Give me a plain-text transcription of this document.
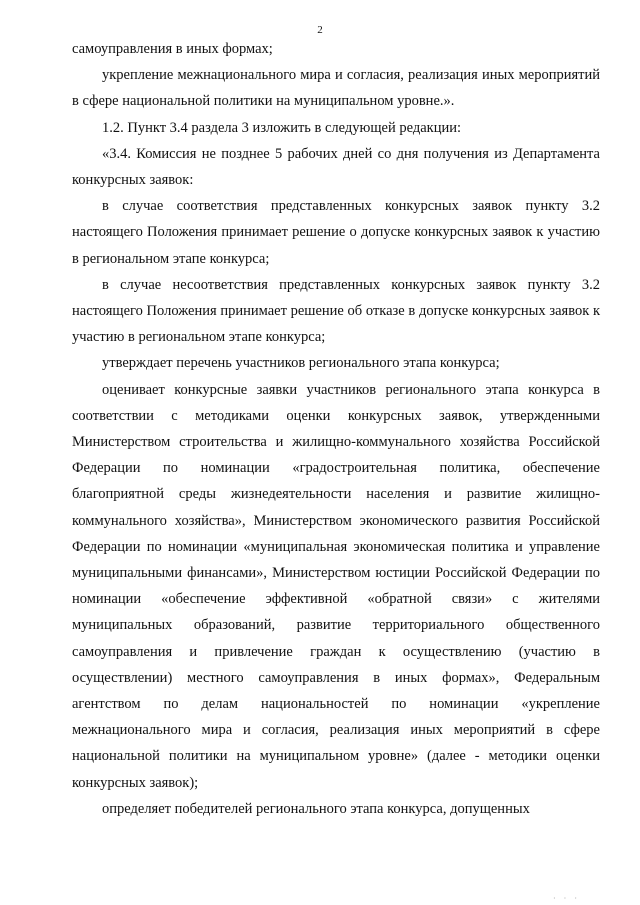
2

самоуправления в иных формах;

укрепление межнационального мира и согласия, реализация иных мероприятий в сфере национальной политики на муниципальном уровне.».

1.2. Пункт 3.4 раздела 3 изложить в следующей редакции:

«3.4. Комиссия не позднее 5 рабочих дней со дня получения из Департамента конкурсных заявок:

в случае соответствия представленных конкурсных заявок пункту 3.2 настоящего Положения принимает решение о допуске конкурсных заявок к участию в региональном этапе конкурса;

в случае несоответствия представленных конкурсных заявок пункту 3.2 настоящего Положения принимает решение об отказе в допуске конкурсных заявок к участию в региональном этапе конкурса;

утверждает перечень участников регионального этапа конкурса;

оценивает конкурсные заявки участников регионального этапа конкурса в соответствии с методиками оценки конкурсных заявок, утвержденными Министерством строительства и жилищно-коммунального хозяйства Российской Федерации по номинации «градостроительная политика, обеспечение благоприятной среды жизнедеятельности населения и развитие жилищно-коммунального хозяйства», Министерством экономического развития Российской Федерации по номинации «муниципальная экономическая политика и управление муниципальными финансами», Министерством юстиции Российской Федерации по номинации «обеспечение эффективной «обратной связи» с жителями муниципальных образований, развитие территориального общественного самоуправления и привлечение граждан к осуществлению (участию в осуществлении) местного самоуправления в иных формах», Федеральным агентством по делам национальностей по номинации «укрепление межнационального мира и согласия, реализация иных мероприятий в сфере национальной политики на муниципальном уровне» (далее - методики оценки конкурсных заявок);

определяет победителей регионального этапа конкурса, допущенных

· · ·
